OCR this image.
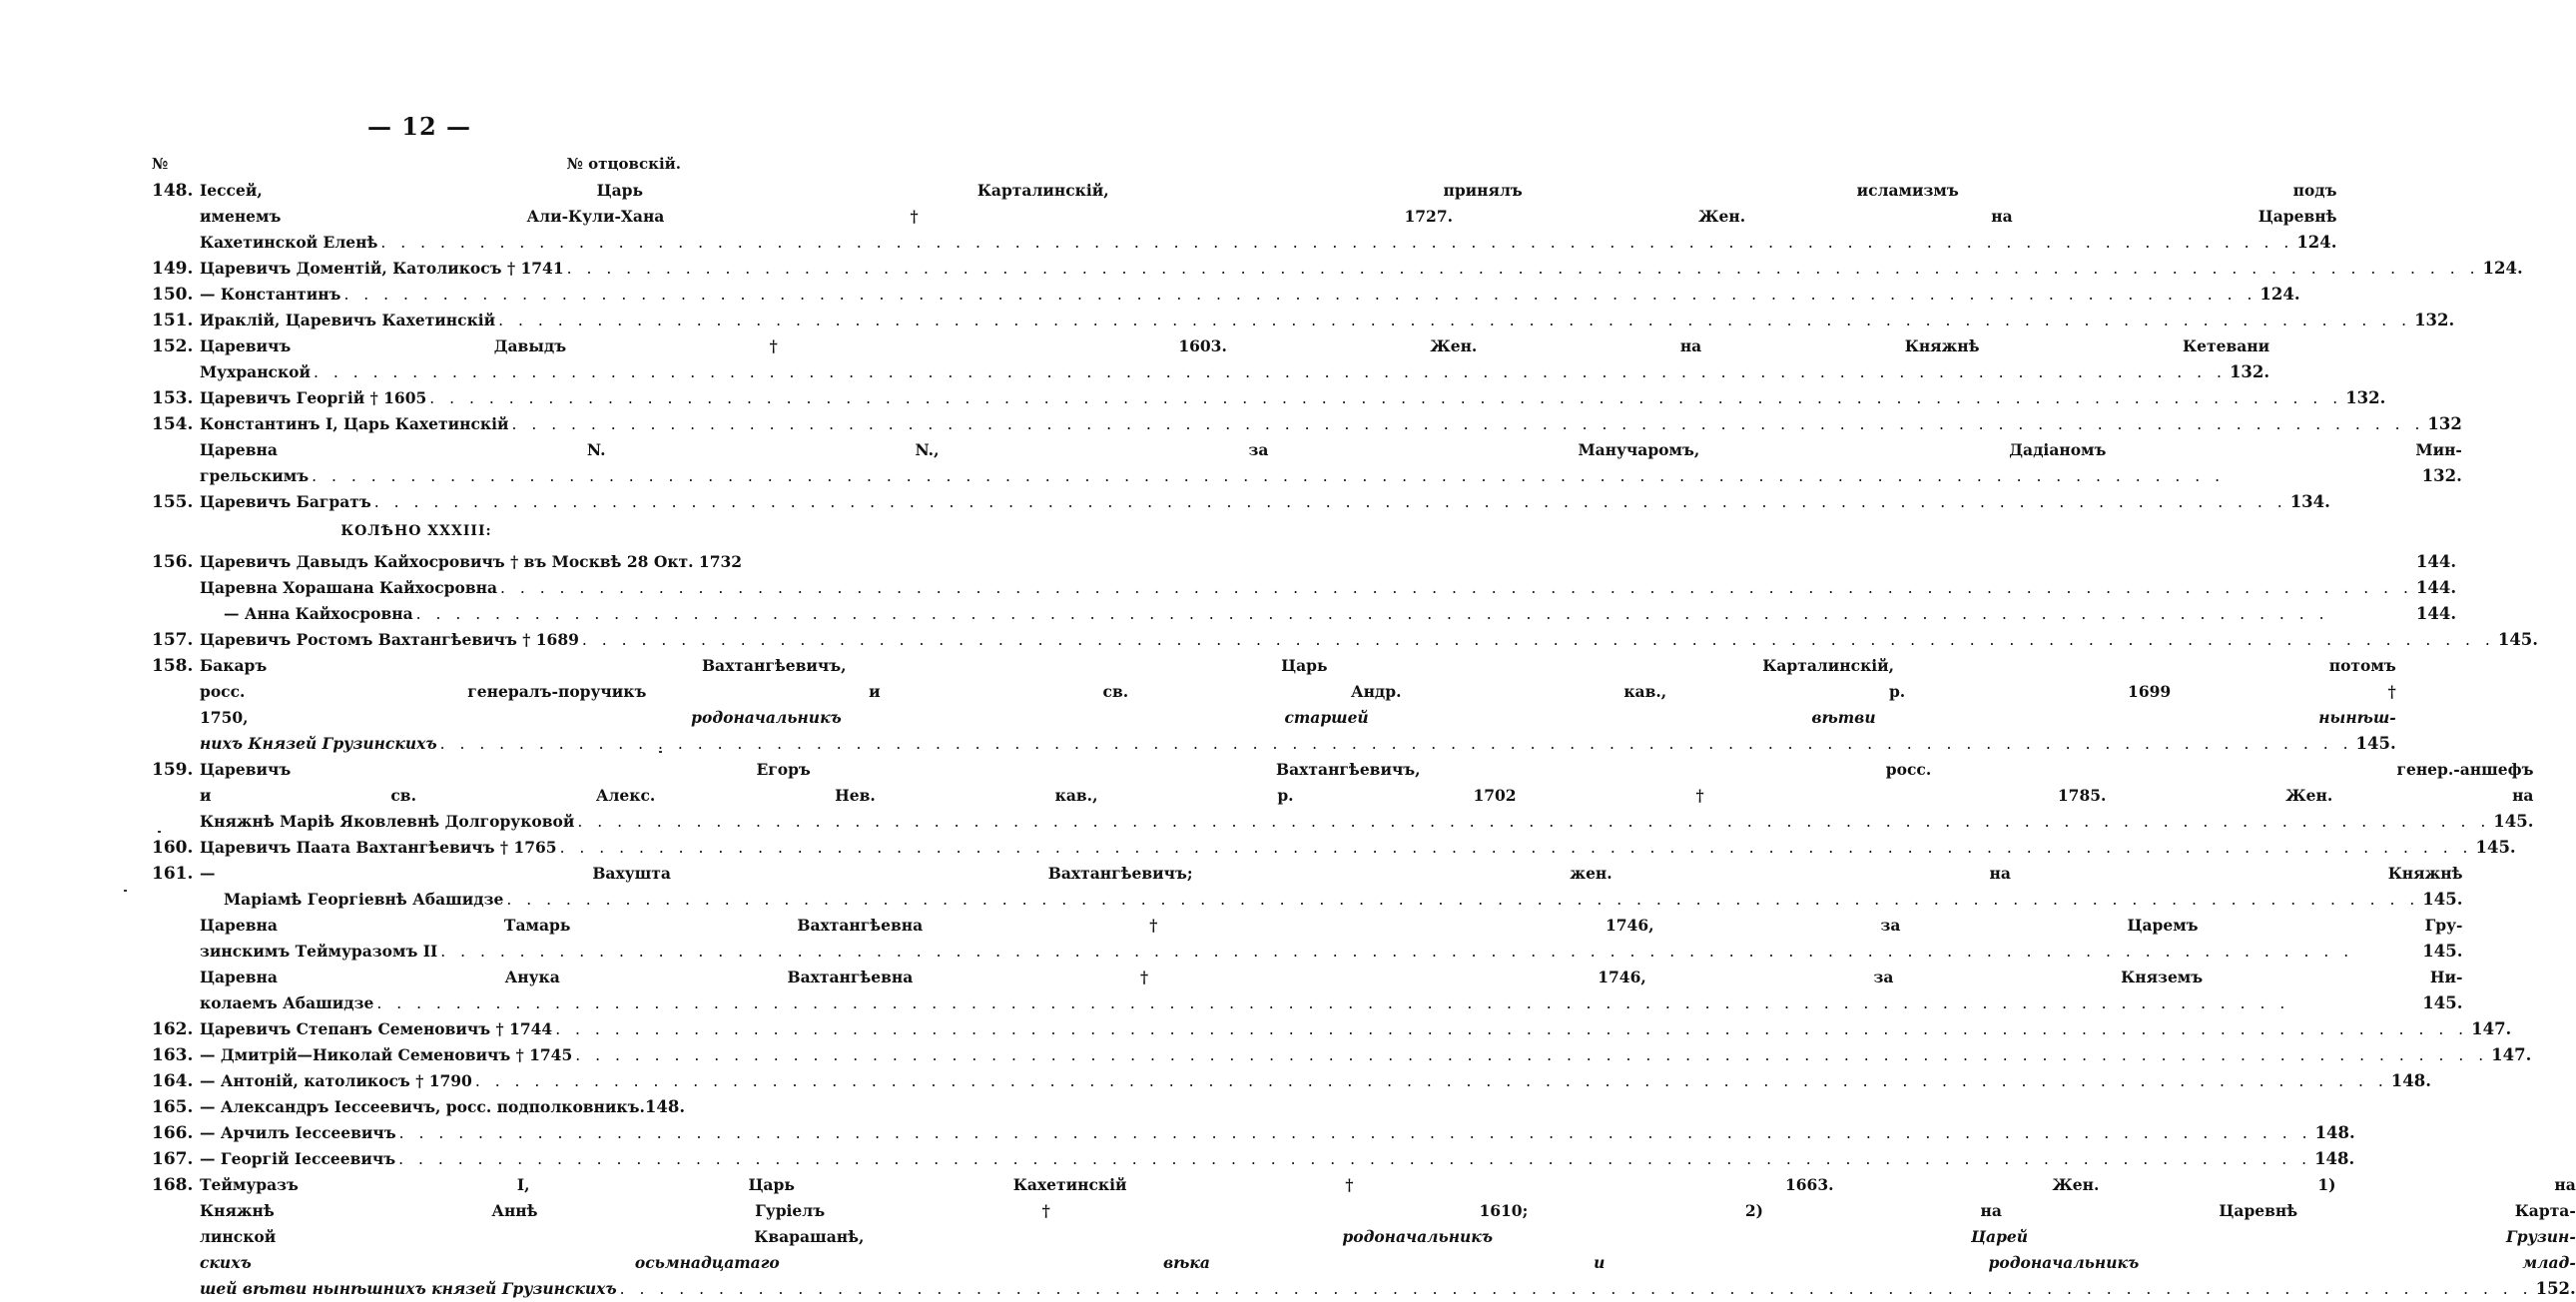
— 12 —
№	№ отцовскій.
148. Іессей, Царь Карталинскій, принялъ исламизмъ подъ
именемъ Али-Кули-Хана † 1727. Жен. на Царевнѣ
Кахетинской Еленѣ . . .	124.
149. Царевичъ Доментій, Католикосъ † 1741 . . .	124.
150. — Константинъ . . .	124.
151. Ираклій, Царевичъ Кахетинскій . . .	132.
152. Царевичъ Давыдъ † 1603. Жен. на Княжнѣ Кетевани
Мухранской . . .	132.
153. Царевичъ Георгій † 1605 . . .	132.
154. Константинъ I, Царь Кахетинскій . . .	132
Царевна N. N., за Манучаромъ, Дадіаномъ Мин-
грельскимъ . . .	132.
155. Царевичъ Багратъ . . .	134.
КОЛѢНО XXXIII:
156. Царевичъ Давыдъ Кайхосровичъ † въ Москвѣ 28 Окт. 1732	144.
Царевна Хорашана Кайхосровна . . .	144.
— Анна Кайхосровна . . .	144.
157. Царевичъ Ростомъ Вахтангѣевичъ † 1689 . . .	145.
158. Бакаръ Вахтангѣевичъ, Царь Карталинскій, потомъ
росс. генералъ-поручикъ и св. Андр. кав., р. 1699†
1750, родоначальникъ старшей вѣтви нынѣш-
нихъ Князей Грузинскихъ . . .	145.
159. Царевичъ Егоръ Вахтангѣевичъ, росс. генер.-аншефъ
и св. Алекс. Нев. кав., р. 1702 † 1785. Жен. на
Княжнѣ Маріѣ Яковлевнѣ Долгоруковой . . .	145.
160. Царевичъ Паата Вахтангѣевичъ † 1765 . . .	145.
161. — Вахушта Вахтангѣевичъ; жен. на Княжнѣ
Маріамѣ Георгіевнѣ Абашидзе . . .	145.
Царевна Тамарь Вахтангѣевна † 1746, за Царемъ Гру-
зинскимъ Теймуразомъ II . . .	145.
Царевна Анука Вахтангѣевна † 1746, за Княземъ Ни-
колаемъ Абашидзе . . .	145.
162. Царевичъ Степанъ Семеновичъ † 1744 . . .	147.
163. — Дмитрій—Николай Семеновичъ † 1745 . . .	147.
164. — Антоній, католикосъ † 1790 . . .	148.
165. — Александръ Іессеевичъ, росс. подполковникъ. 148.
166. — Арчилъ Іессеевичъ . . .	148.
167. — Георгій Іессеевичъ . . .	148.
168. Теймуразъ I, Царь Кахетинскій † 1663. Жен. 1) на
Княжнѣ Аннѣ Гуріелъ † 1610; 2) на Царевнѣ Карта-
линской Кварашанѣ, родоначальникъ Царей Грузин-
скихъ осьмнадцатаго вѣка и родоначальникъ млад-
шей вѣтви нынѣшнихъ князей Грузинскихъ . . .	152.
